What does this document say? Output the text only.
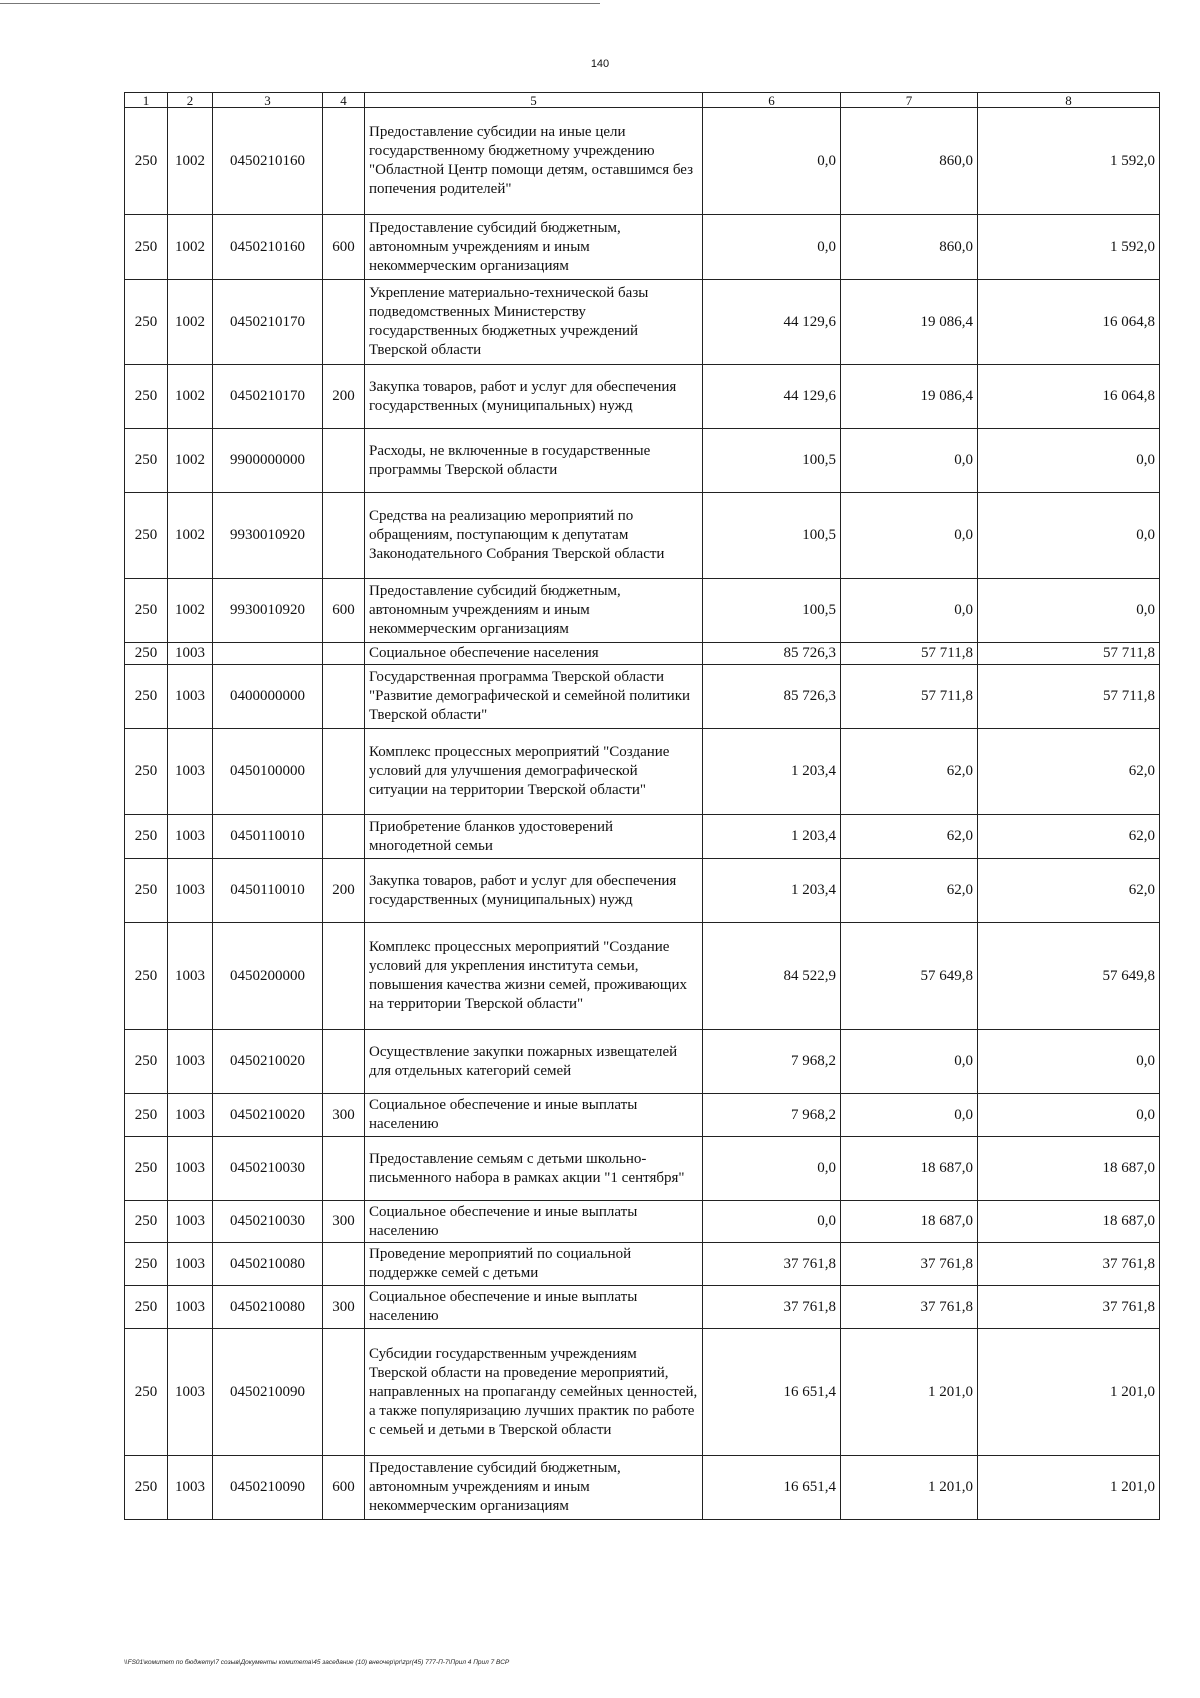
140
1	2	3	4	5	6	7	8
250	1002	0450210160		Предоставление субсидии на иные цели государственному бюджетному учреждению "Областной Центр помощи детям, оставшимся без попечения родителей"	0,0	860,0	1 592,0
250	1002	0450210160	600	Предоставление субсидий бюджетным, автономным учреждениям и иным некоммерческим организациям	0,0	860,0	1 592,0
250	1002	0450210170		Укрепление материально-технической базы подведомственных Министерству государственных бюджетных учреждений Тверской области	44 129,6	19 086,4	16 064,8
250	1002	0450210170	200	Закупка товаров, работ и услуг для обеспечения государственных (муниципальных) нужд	44 129,6	19 086,4	16 064,8
250	1002	9900000000		Расходы, не включенные в государственные программы Тверской области	100,5	0,0	0,0
250	1002	9930010920		Средства на реализацию мероприятий по обращениям, поступающим к депутатам Законодательного Собрания Тверской области	100,5	0,0	0,0
250	1002	9930010920	600	Предоставление субсидий бюджетным, автономным учреждениям и иным некоммерческим организациям	100,5	0,0	0,0
250	1003			Социальное обеспечение населения	85 726,3	57 711,8	57 711,8
250	1003	0400000000		Государственная программа Тверской области "Развитие демографической и семейной политики Тверской области"	85 726,3	57 711,8	57 711,8
250	1003	0450100000		Комплекс процессных мероприятий "Создание условий для улучшения демографической ситуации на территории Тверской области"	1 203,4	62,0	62,0
250	1003	0450110010		Приобретение бланков удостоверений многодетной семьи	1 203,4	62,0	62,0
250	1003	0450110010	200	Закупка товаров, работ и услуг для обеспечения государственных (муниципальных) нужд	1 203,4	62,0	62,0
250	1003	0450200000		Комплекс процессных мероприятий "Создание условий для укрепления института семьи, повышения качества жизни семей, проживающих на территории Тверской области"	84 522,9	57 649,8	57 649,8
250	1003	0450210020		Осуществление закупки пожарных извещателей для отдельных категорий семей	7 968,2	0,0	0,0
250	1003	0450210020	300	Социальное обеспечение и иные выплаты населению	7 968,2	0,0	0,0
250	1003	0450210030		Предоставление семьям с детьми школьно-письменного набора в рамках акции "1 сентября"	0,0	18 687,0	18 687,0
250	1003	0450210030	300	Социальное обеспечение и иные выплаты населению	0,0	18 687,0	18 687,0
250	1003	0450210080		Проведение мероприятий по социальной поддержке семей с детьми	37 761,8	37 761,8	37 761,8
250	1003	0450210080	300	Социальное обеспечение и иные выплаты населению	37 761,8	37 761,8	37 761,8
250	1003	0450210090		Субсидии государственным учреждениям Тверской области на проведение мероприятий, направленных на пропаганду семейных ценностей, а также популяризацию лучших практик по работе с семьей и детьми в Тверской области	16 651,4	1 201,0	1 201,0
250	1003	0450210090	600	Предоставление субсидий бюджетным, автономным учреждениям и иным некоммерческим организациям	16 651,4	1 201,0	1 201,0
\\FS01\комитет по бюджету\7 созыв\Документы комитета\45 заседание (10) внеочер\pr\zpr(45) 777-П-7\Прил 4 Прил 7 ВСР
